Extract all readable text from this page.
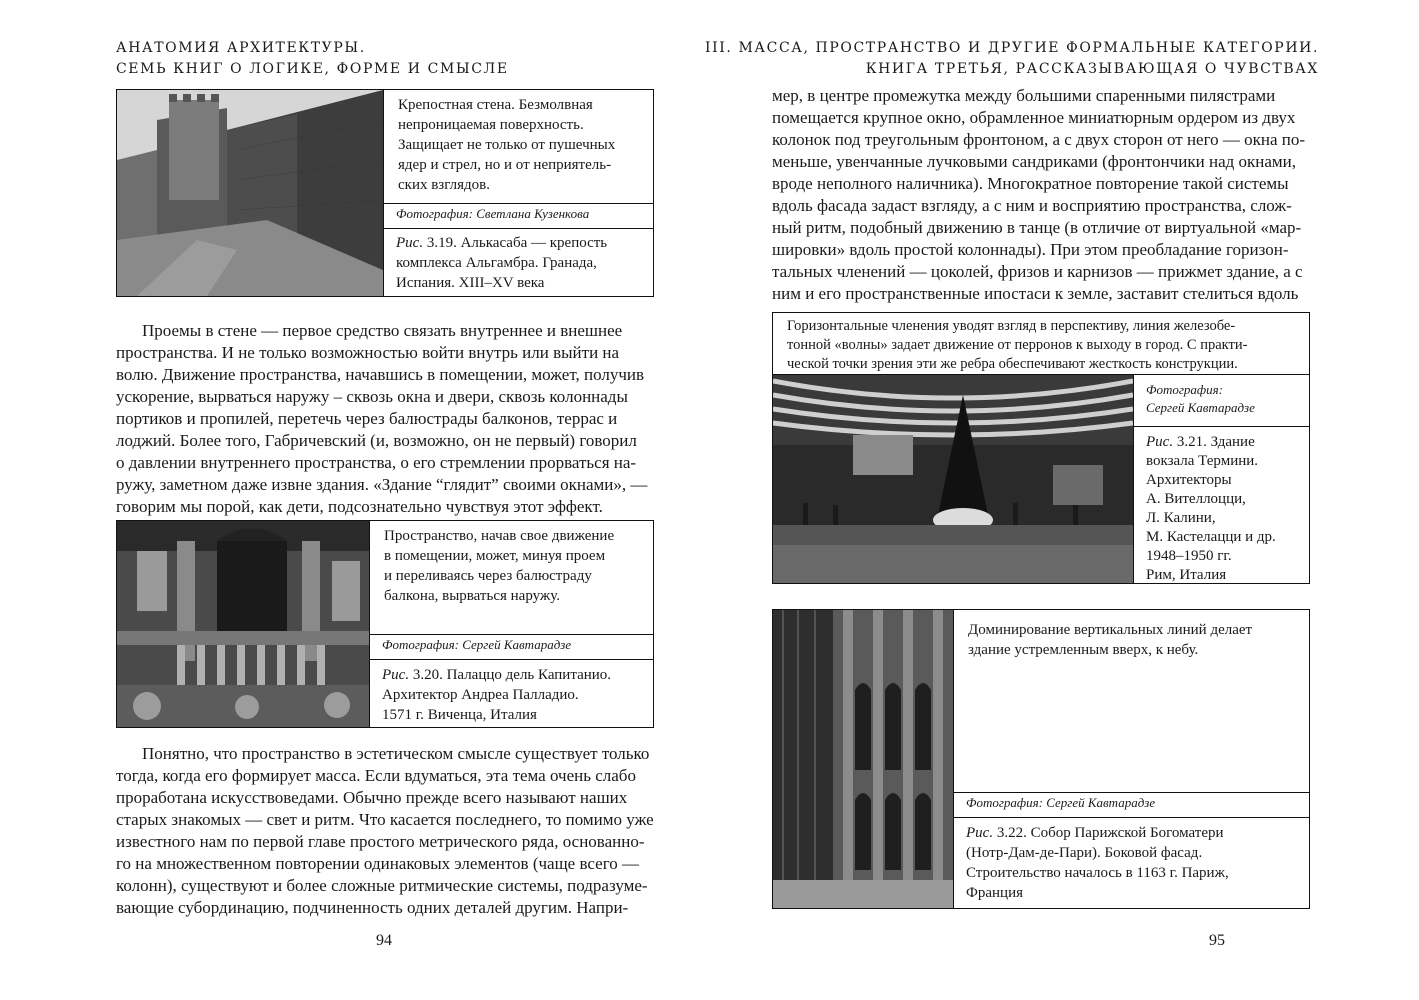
АНАТОМИЯ АРХИТЕКТУРЫ.
СЕМЬ КНИГ О ЛОГИКЕ, ФОРМЕ И СМЫСЛЕ
Крепостная стена. Безмолвная
непроницаемая поверхность.
Защищает не только от пушечных
ядер и стрел, но и от неприятель-
ских взглядов.
Фотография: Светлана Кузенкова
Рис. 3.19. Алькасаба — крепость
комплекса Альгамбра. Гранада,
Испания. XIII–XV века

Проемы в стене — первое средство связать внутреннее и внешнее

пространства. И не только возможностью войти внутрь или выйти на

волю. Движение пространства, начавшись в помещении, может, получив

ускорение, вырваться наружу – сквозь окна и двери, сквозь колоннады

портиков и пропилей, перетечь через балюстрады балконов, террас и

лоджий. Более того, Габричевский (и, возможно, он не первый) говорил

о давлении внутреннего пространства, о его стремлении прорваться на-

ружу, заметном даже извне здания. «Здание “глядит” своими окнами», —

говорим мы порой, как дети, подсознательно чувствуя этот эффект.

Пространство, начав свое движение
в помещении, может, минуя проем
и переливаясь через балюстраду
балкона, вырваться наружу.
Фотография: Сергей Кавтарадзе
Рис. 3.20. Палаццо дель Капитанио.
Архитектор Андреа Палладио.
1571 г. Виченца, Италия

Понятно, что пространство в эстетическом смысле существует только

тогда, когда его формирует масса. Если вдуматься, эта тема очень слабо

проработана искусствоведами. Обычно прежде всего называют наших

старых знакомых — свет и ритм. Что касается последнего, то помимо уже

известного нам по первой главе простого метрического ряда, основанно-

го на множественном повторении одинаковых элементов (чаще всего —

колонн), существуют и более сложные ритмические системы, подразуме-

вающие субординацию, подчиненность одних деталей другим. Напри-

94
III. МАССА, ПРОСТРАНСТВО И ДРУГИЕ ФОРМАЛЬНЫЕ КАТЕГОРИИ.
КНИГА ТРЕТЬЯ, РАССКАЗЫВАЮЩАЯ О ЧУВСТВАХ

мер, в центре промежутка между большими спаренными пилястрами

помещается крупное окно, обрамленное миниатюрным ордером из двух

колонок под треугольным фронтоном, а с двух сторон от него — окна по-

меньше, увенчанные лучковыми сандриками (фронтончики над окнами,

вроде неполного наличника). Многократное повторение такой системы

вдоль фасада задаст взгляду, а с ним и восприятию пространства, слож-

ный ритм, подобный движению в танце (в отличие от виртуальной «мар-

шировки» вдоль простой колоннады). При этом преобладание горизон-

тальных членений — цоколей, фризов и карнизов — прижмет здание, а с

ним и его пространственные ипостаси к земле, заставит стелиться вдоль

Горизонтальные членения уводят взгляд в перспективу, линия железобе-
тонной «волны» задает движение от перронов к выходу в город. С практи-
ческой точки зрения эти же ребра обеспечивают жесткость конструкции.
Фотография:
Сергей Кавтарадзе
Рис. 3.21. Здание
вокзала Термини.
Архитекторы
А. Вителлоцци,
Л. Калини,
М. Кастелацци и др.
1948–1950 гг.
Рим, Италия
Доминирование вертикальных линий делает
здание устремленным вверх, к небу.
Фотография: Сергей Кавтарадзе
Рис. 3.22. Собор Парижской Богоматери
(Нотр-Дам-де-Пари). Боковой фасад.
Строительство началось в 1163 г. Париж,
Франция
95
